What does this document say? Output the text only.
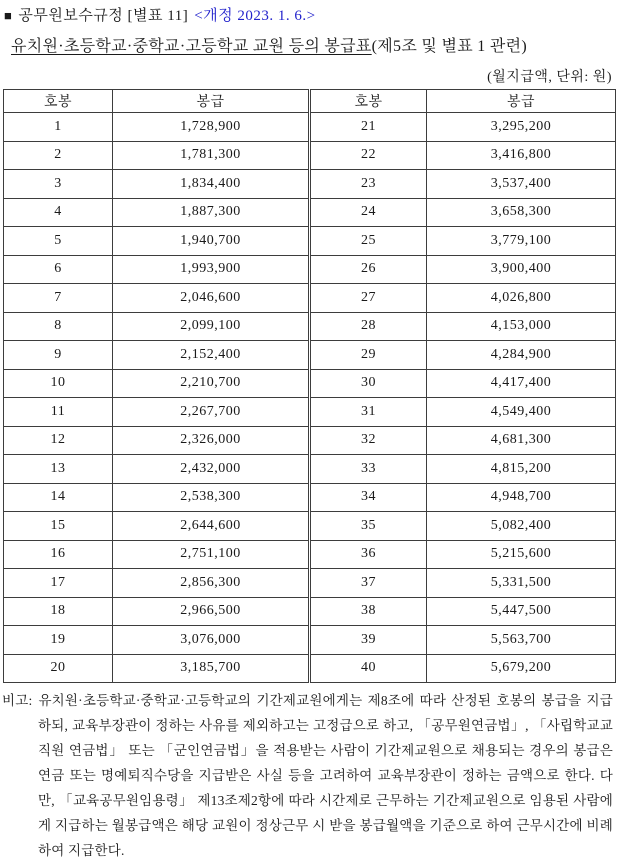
■ 공무원보수규정 [별표 11] <개정 2023. 1. 6.>
유치원·초등학교·중학교·고등학교 교원 등의 봉급표(제5조 및 별표 1 관련)
(월지급액, 단위: 원)
호봉	봉급	호봉	봉급
1	1,728,900	21	3,295,200
2	1,781,300	22	3,416,800
3	1,834,400	23	3,537,400
4	1,887,300	24	3,658,300
5	1,940,700	25	3,779,100
6	1,993,900	26	3,900,400
7	2,046,600	27	4,026,800
8	2,099,100	28	4,153,000
9	2,152,400	29	4,284,900
10	2,210,700	30	4,417,400
11	2,267,700	31	4,549,400
12	2,326,000	32	4,681,300
13	2,432,000	33	4,815,200
14	2,538,300	34	4,948,700
15	2,644,600	35	5,082,400
16	2,751,100	36	5,215,600
17	2,856,300	37	5,331,500
18	2,966,500	38	5,447,500
19	3,076,000	39	5,563,700
20	3,185,700	40	5,679,200
비고: 유치원·초등학교·중학교·고등학교의 기간제교원에게는 제8조에 따라 산정된 호봉의 봉급을 지급하되, 교육부장관이 정하는 사유를 제외하고는 고정급으로 하고, 「공무원연금법」, 「사립학교교직원 연금법」 또는 「군인연금법」을 적용받는 사람이 기간제교원으로 채용되는 경우의 봉급은 연금 또는 명예퇴직수당을 지급받은 사실 등을 고려하여 교육부장관이 정하는 금액으로 한다. 다만, 「교육공무원임용령」 제13조제2항에 따라 시간제로 근무하는 기간제교원으로 임용된 사람에게 지급하는 월봉급액은 해당 교원이 정상근무 시 받을 봉급월액을 기준으로 하여 근무시간에 비례하여 지급한다.
